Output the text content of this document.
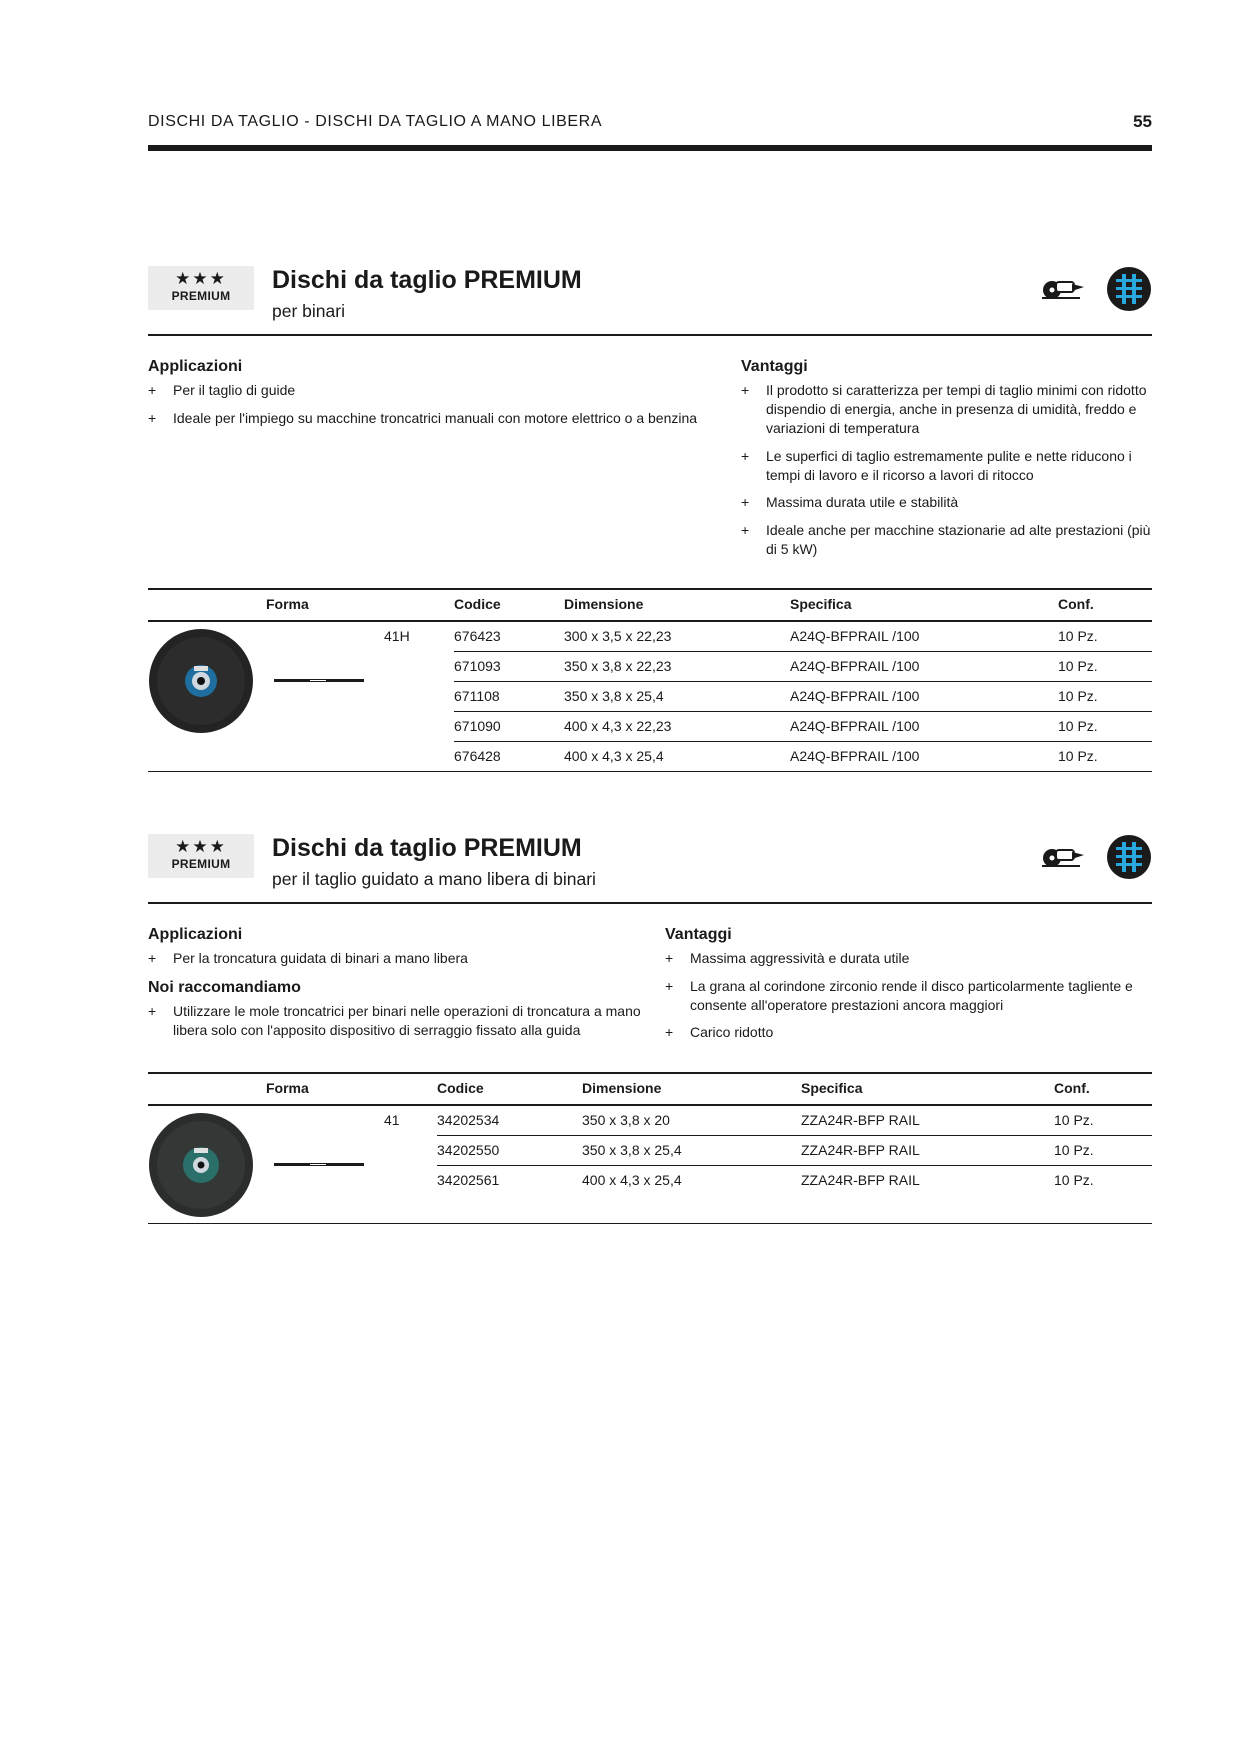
DISCHI DA TAGLIO - DISCHI DA TAGLIO A MANO LIBERA	55
★★★
PREMIUM
Dischi da taglio PREMIUM
per binari
Applicazioni
+ Per il taglio di guide
+ Ideale per l'impiego su macchine troncatrici manuali con motore elettrico o a benzina
Vantaggi
+ Il prodotto si caratterizza per tempi di taglio minimi con ridotto dispendio di energia, anche in presenza di umidità, freddo e variazioni di temperatura
+ Le superfici di taglio estremamente pulite e nette riducono i tempi di lavoro e il ricorso a lavori di ritocco
+ Massima durata utile e stabilità
+ Ideale anche per macchine stazionarie ad alte prestazioni (più di 5 kW)
Forma	Codice	Dimensione	Specifica	Conf.
41H	676423	300 x 3,5 x 22,23	A24Q-BFPRAIL /100	10 Pz.
671093	350 x 3,8 x 22,23	A24Q-BFPRAIL /100	10 Pz.
671108	350 x 3,8 x 25,4	A24Q-BFPRAIL /100	10 Pz.
671090	400 x 4,3 x 22,23	A24Q-BFPRAIL /100	10 Pz.
676428	400 x 4,3 x 25,4	A24Q-BFPRAIL /100	10 Pz.
★★★
PREMIUM
Dischi da taglio PREMIUM
per il taglio guidato a mano libera di binari
Applicazioni
+ Per la troncatura guidata di binari a mano libera
Noi raccomandiamo
+ Utilizzare le mole troncatrici per binari nelle operazioni di troncatura a mano libera solo con l'apposito dispositivo di serraggio fissato alla guida
Vantaggi
+ Massima aggressività e durata utile
+ La grana al corindone zirconio rende il disco particolarmente tagliente e consente all'operatore prestazioni ancora maggiori
+ Carico ridotto
Forma	Codice	Dimensione	Specifica	Conf.
41	34202534	350 x 3,8 x 20	ZZA24R-BFP RAIL	10 Pz.
34202550	350 x 3,8 x 25,4	ZZA24R-BFP RAIL	10 Pz.
34202561	400 x 4,3 x 25,4	ZZA24R-BFP RAIL	10 Pz.
